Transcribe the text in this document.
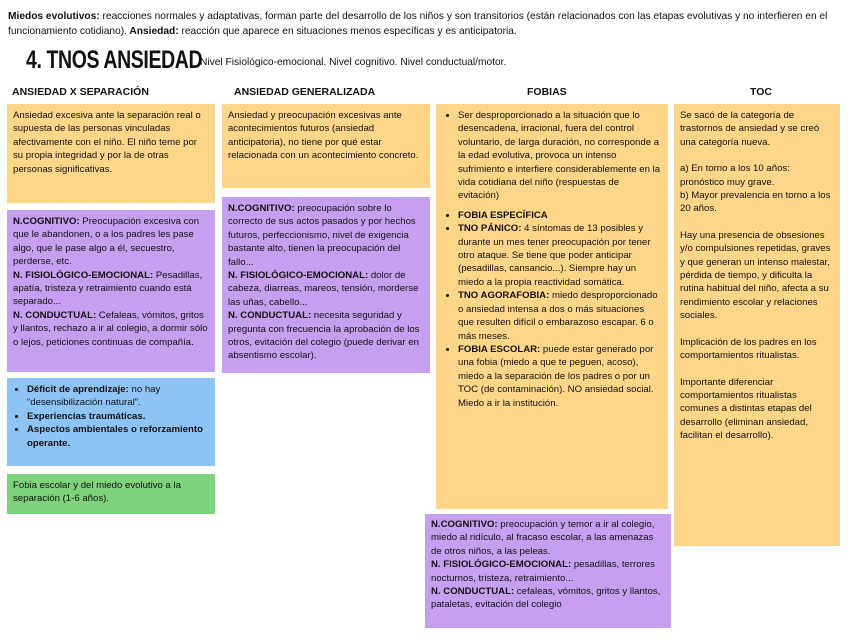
Miedos evolutivos: reacciones normales y adaptativas, forman parte del desarrollo de los niños y son transitorios (están relacionados con las etapas evolutivas y no interfieren en el funcionamiento cotidiano). Ansiedad: reacción que aparece en situaciones menos específicas y es anticipatoria.
4. TNOS ANSIEDAD
Nivel Fisiológico-emocional. Nivel cognitivo. Nivel conductual/motor.
ANSIEDAD X SEPARACIÓN	ANSIEDAD GENERALIZADA	FOBIAS	TOC

Ansiedad excesiva ante la separación real o supuesta de las personas vinculadas afectivamente con el niño. El niño teme por su propia integridad y por la de otras personas significativas.

N.COGNITIVO: Preocupación excesiva con que le abandonen, o a los padres les pase algo, que le pase algo a él, secuestro, perderse, etc.

N. FISIOLÓGICO-EMOCIONAL: Pesadillas, apatía, tristeza y retraimiento cuando está separado...

N. CONDUCTUAL: Cefaleas, vómitos, gritos y llantos, rechazo a ir al colegio, a dormir sólo o lejos, peticiones continuas de compañía.

• Déficit de aprendizaje: no hay “desensibilización natural”.
• Experiencias traumáticas.
• Aspectos ambientales o reforzamiento operante.

Fobia escolar y del miedo evolutivo a la separación (1-6 años).

Ansiedad y preocupación excesivas ante acontecimientos futuros (ansiedad anticipatoria), no tiene por qué estar relacionada con un acontecimiento concreto.

N.COGNITIVO: preocupación sobre lo correcto de sus actos pasados y por hechos futuros, perfeccionismo, nivel de exigencia bastante alto, tienen la preocupación del fallo...

N. FISIOLÓGICO-EMOCIONAL: dolor de cabeza, diarreas, mareos, tensión, morderse las uñas, cabello...

N. CONDUCTUAL: necesita seguridad y pregunta con frecuencia la aprobación de los otros, evitación del colegio (puede derivar en absentismo escolar).

• Ser desproporcionado a la situación que lo desencadena, irracional, fuera del control voluntario, de larga duración, no corresponde a la edad evolutiva, provoca un intenso sufrimiento e interfiere considerablemente en la vida cotidiana del niño (respuestas de evitación)
• FOBIA ESPECÍFICA
• TNO PÁNICO: 4 síntomas de 13 posibles y durante un mes tener preocupación por tener otro ataque. Se tiene que poder anticipar (pesadillas, cansancio...). Siempre hay un miedo a la propia reactividad somática.
• TNO AGORAFOBIA: miedo desproporcionado o ansiedad intensa a dos o más situaciones que resulten difícil o embarazoso escapar. 6 o más meses.
• FOBIA ESCOLAR: puede estar generado por una fobia (miedo a que te peguen, acoso), miedo a la separación de los padres o por un TOC (de contaminación). NO ansiedad social. Miedo a ir la institución.

N.COGNITIVO: preocupación y temor a ir al colegio, miedo al ridículo, al fracaso escolar, a las amenazas de otros niños, a las peleas.

N. FISIOLÓGICO-EMOCIONAL: pesadillas, terrores nocturnos, tristeza, retraimiento...

N. CONDUCTUAL: cefaleas, vómitos, gritos y llantos, pataletas, evitación del colegio

Se sacó de la categoría de trastornos de ansiedad y se creó una categoría nueva.

a) En torno a los 10 años: pronóstico muy grave.

b) Mayor prevalencia en torno a los 20 años.

Hay una presencia de obsesiones y/o compulsiones repetidas, graves y que generan un intenso malestar, pérdida de tiempo, y dificulta la rutina habitual del niño, afecta a su rendimiento escolar y relaciones sociales.

Implicación de los padres en los comportamientos ritualistas.

Importante diferenciar comportamientos ritualistas comunes a distintas etapas del desarrollo (eliminan ansiedad, facilitan el desarrollo).
